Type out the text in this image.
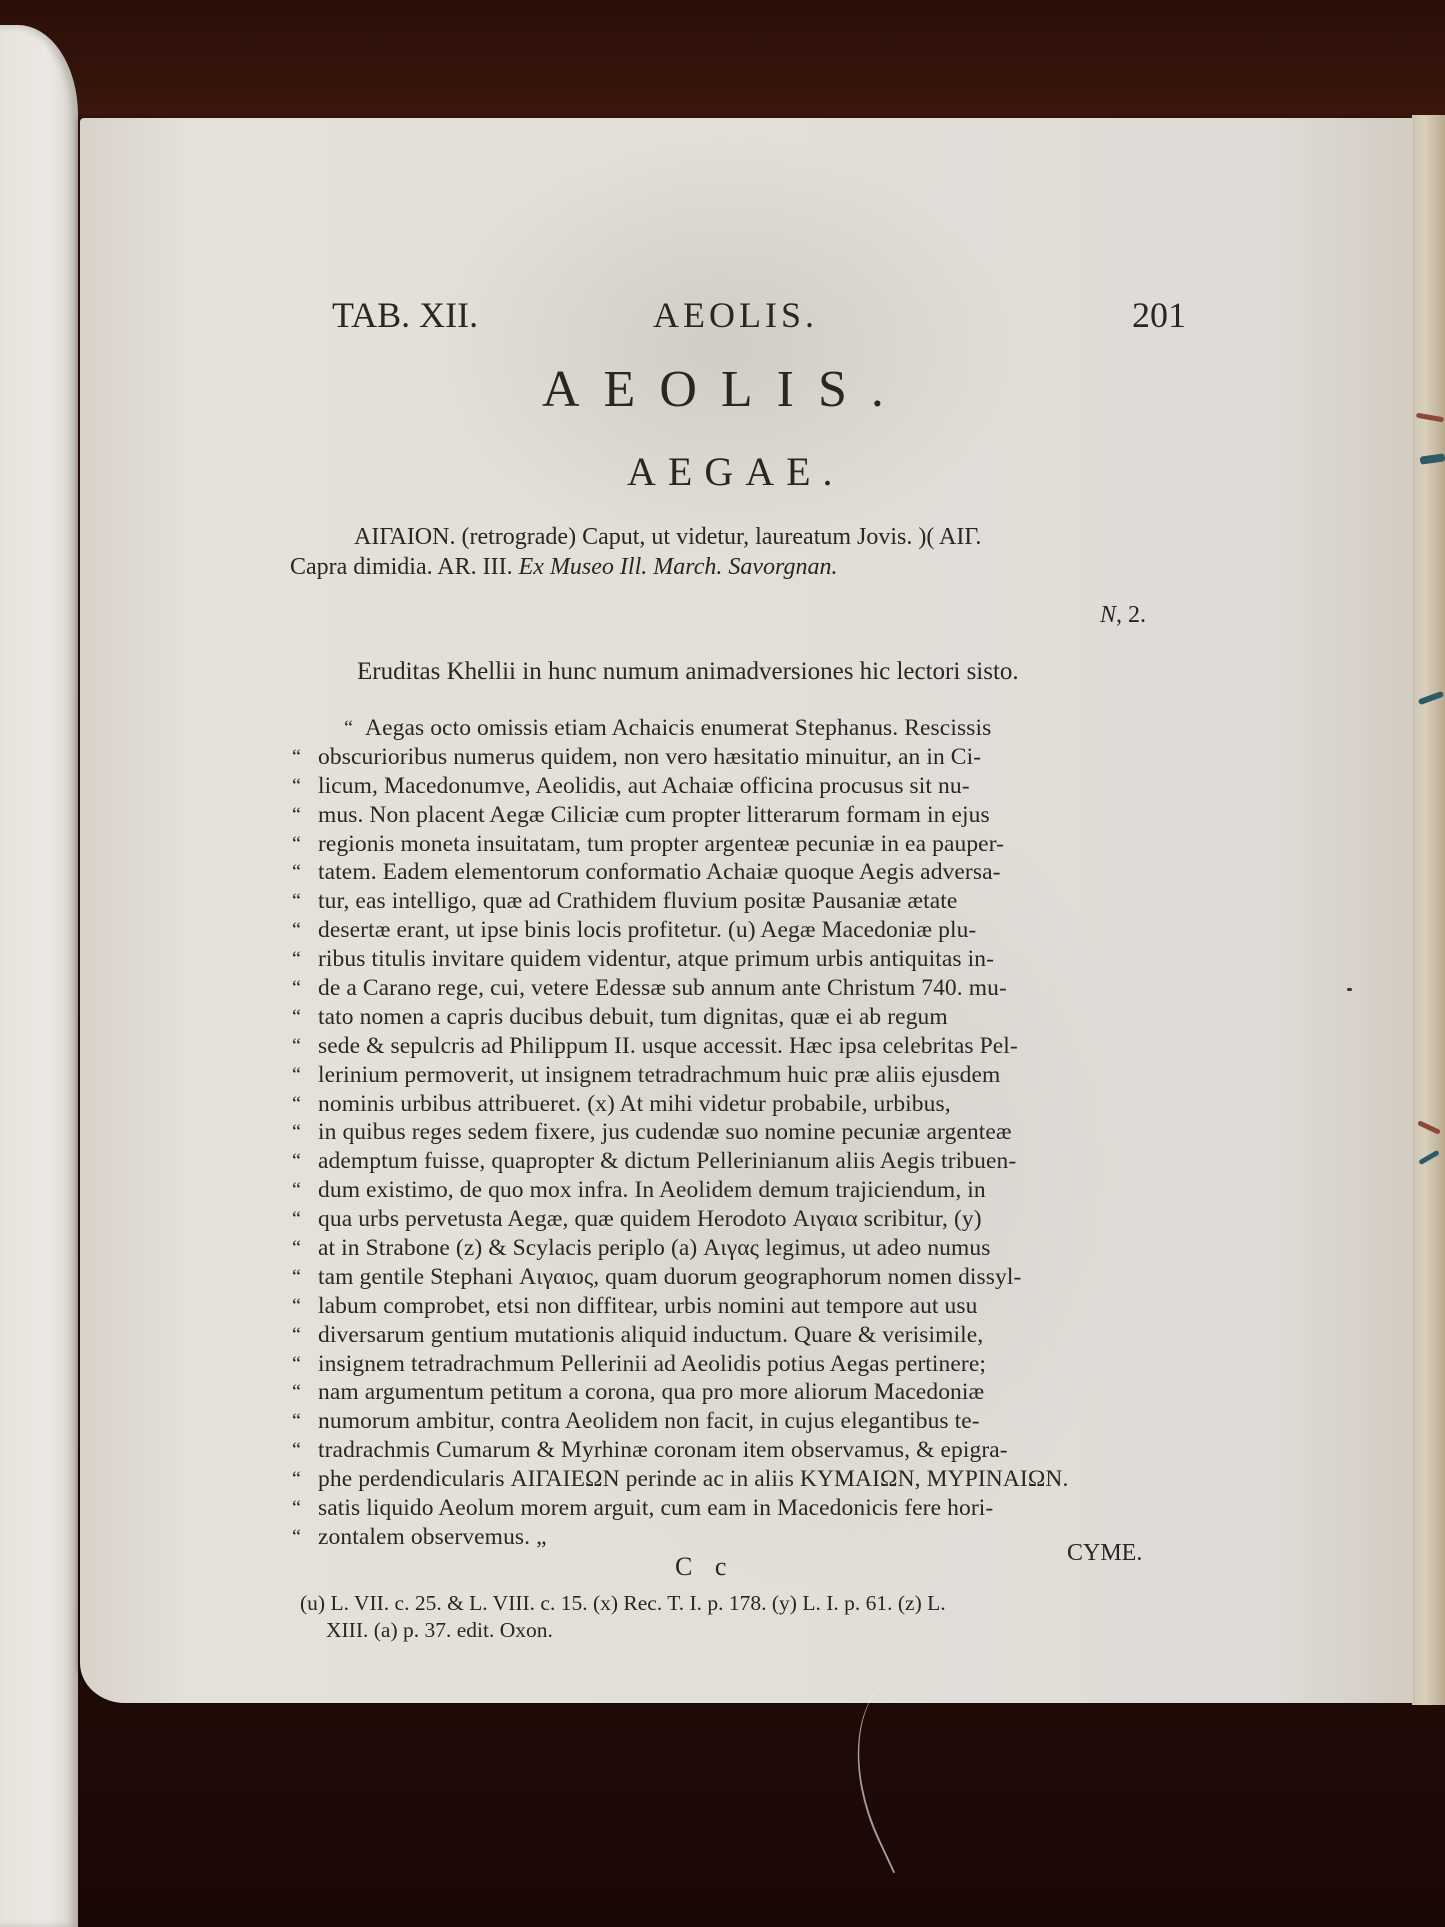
TAB. XII.	AEOLIS.	201
AEOLIS.
AEGAE.
ΑΙΓΑΙΟΝ. (retrograde) Caput, ut videtur, laureatum Jovis. )( ΑΙΓ.
Capra dimidia. AR. III. Ex Museo Ill. March. Savorgnan.
N, 2.
Eruditas Khellii in hunc numum animadversiones hic lectori sisto.
“ Aegas octo omissis etiam Achaicis enumerat Stephanus. Rescissis
“ obscurioribus numerus quidem, non vero hæsitatio minuitur, an in Ci-
“ licum, Macedonumve, Aeolidis, aut Achaiæ officina procusus sit nu-
“ mus. Non placent Aegæ Ciliciæ cum propter litterarum formam in ejus
“ regionis moneta insuitatam, tum propter argenteæ pecuniæ in ea pauper-
“ tatem. Eadem elementorum conformatio Achaiæ quoque Aegis adversa-
“ tur, eas intelligo, quæ ad Crathidem fluvium positæ Pausaniæ ætate
“ desertæ erant, ut ipse binis locis profitetur. (u) Aegæ Macedoniæ plu-
“ ribus titulis invitare quidem videntur, atque primum urbis antiquitas in-
“ de a Carano rege, cui, vetere Edessæ sub annum ante Christum 740. mu-
“ tato nomen a capris ducibus debuit, tum dignitas, quæ ei ab regum
“ sede & sepulcris ad Philippum II. usque accessit. Hæc ipsa celebritas Pel-
“ lerinium permoverit, ut insignem tetradrachmum huic præ aliis ejusdem
“ nominis urbibus attribueret. (x) At mihi videtur probabile, urbibus,
“ in quibus reges sedem fixere, jus cudendæ suo nomine pecuniæ argenteæ
“ ademptum fuisse, quapropter & dictum Pellerinianum aliis Aegis tribuen-
“ dum existimo, de quo mox infra. In Aeolidem demum trajiciendum, in
“ qua urbs pervetusta Aegæ, quæ quidem Herodoto Αιγαια scribitur, (y)
“ at in Strabone (z) & Scylacis periplo (a) Αιγας legimus, ut adeo numus
“ tam gentile Stephani Αιγαιος, quam duorum geographorum nomen dissyl-
“ labum comprobet, etsi non diffitear, urbis nomini aut tempore aut usu
“ diversarum gentium mutationis aliquid inductum. Quare & verisimile,
“ insignem tetradrachmum Pellerinii ad Aeolidis potius Aegas pertinere;
“ nam argumentum petitum a corona, qua pro more aliorum Macedoniæ
“ numorum ambitur, contra Aeolidem non facit, in cujus elegantibus te-
“ tradrachmis Cumarum & Myrhinæ coronam item observamus, & epigra-
“ phe perdendicularis ΑΙΓΑΙΕΩΝ perinde ac in aliis ΚΥΜΑΙΩΝ, ΜΥΡΙΝΑΙΩΝ.
“ satis liquido Aeolum morem arguit, cum eam in Macedonicis fere hori-
“ zontalem observemus. „
C c	CYME.
(u) L. VII. c. 25. & L. VIII. c. 15. (x) Rec. T. I. p. 178. (y) L. I. p. 61. (z) L.
XIII. (a) p. 37. edit. Oxon.
